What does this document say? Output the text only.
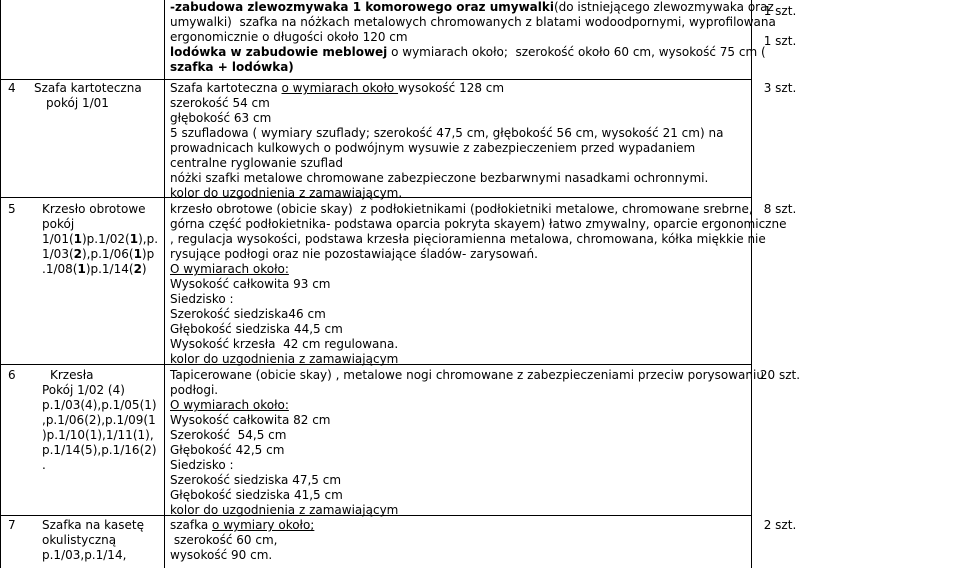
-zabudowa zlewozmywaka 1 komorowego oraz umywalki(do istniejącego zlewozmywaka oraz
umywalki)  szafka na nóżkach metalowych chromowanych z blatami wodoodpornymi, wyprofilowana
ergonomicznie o długości około 120 cm
lodówka w zabudowie meblowej o wymiarach około;  szerokość około 60 cm, wysokość 75 cm (
szafka + lodówka)
1 szt.
1 szt.
4 Szafa kartoteczna
pokój 1/01
Szafa kartoteczna o wymiarach około wysokość 128 cm
szerokość 54 cm
głębokość 63 cm
5 szufladowa ( wymiary szuflady; szerokość 47,5 cm, głębokość 56 cm, wysokość 21 cm) na
prowadnicach kulkowych o podwójnym wysuwie z zabezpieczeniem przed wypadaniem
centralne ryglowanie szuflad
nóżki szafki metalowe chromowane zabezpieczone bezbarwnymi nasadkami ochronnymi.
kolor do uzgodnienia z zamawiającym.
3 szt.
5 Krzesło obrotowe
pokój
1/01(1)p.1/02(1),p.
1/03(2),p.1/06(1)p
.1/08(1)p.1/14(2)
krzesło obrotowe (obicie skay)  z podłokietnikami (podłokietniki metalowe, chromowane srebrne,
górna część podłokietnika- podstawa oparcia pokryta skayem) łatwo zmywalny, oparcie ergonomiczne
, regulacja wysokości, podstawa krzesła pięcioramienna metalowa, chromowana, kółka miękkie nie
rysujące podłogi oraz nie pozostawiające śladów- zarysowań.
O wymiarach około:
Wysokość całkowita 93 cm
Siedzisko :
Szerokość siedziska46 cm
Głębokość siedziska 44,5 cm
Wysokość krzesła  42 cm regulowana.
kolor do uzgodnienia z zamawiającym
8 szt.
6	Krzesła
Pokój 1/02 (4)
p.1/03(4),p.1/05(1)
,p.1/06(2),p.1/09(1
)p.1/10(1),1/11(1),
p.1/14(5),p.1/16(2)
.
Tapicerowane (obicie skay) , metalowe nogi chromowane z zabezpieczeniami przeciw porysowaniu
podłogi.
O wymiarach około:
Wysokość całkowita 82 cm
Szerokość  54,5 cm
Głębokość 42,5 cm
Siedzisko :
Szerokość siedziska 47,5 cm
Głębokość siedziska 41,5 cm
kolor do uzgodnienia z zamawiającym
20 szt.
7 Szafka na kasetę
okulistyczną
p.1/03,p.1/14,
szafka o wymiary około;
szerokość 60 cm,
wysokość 90 cm.
2 szt.
